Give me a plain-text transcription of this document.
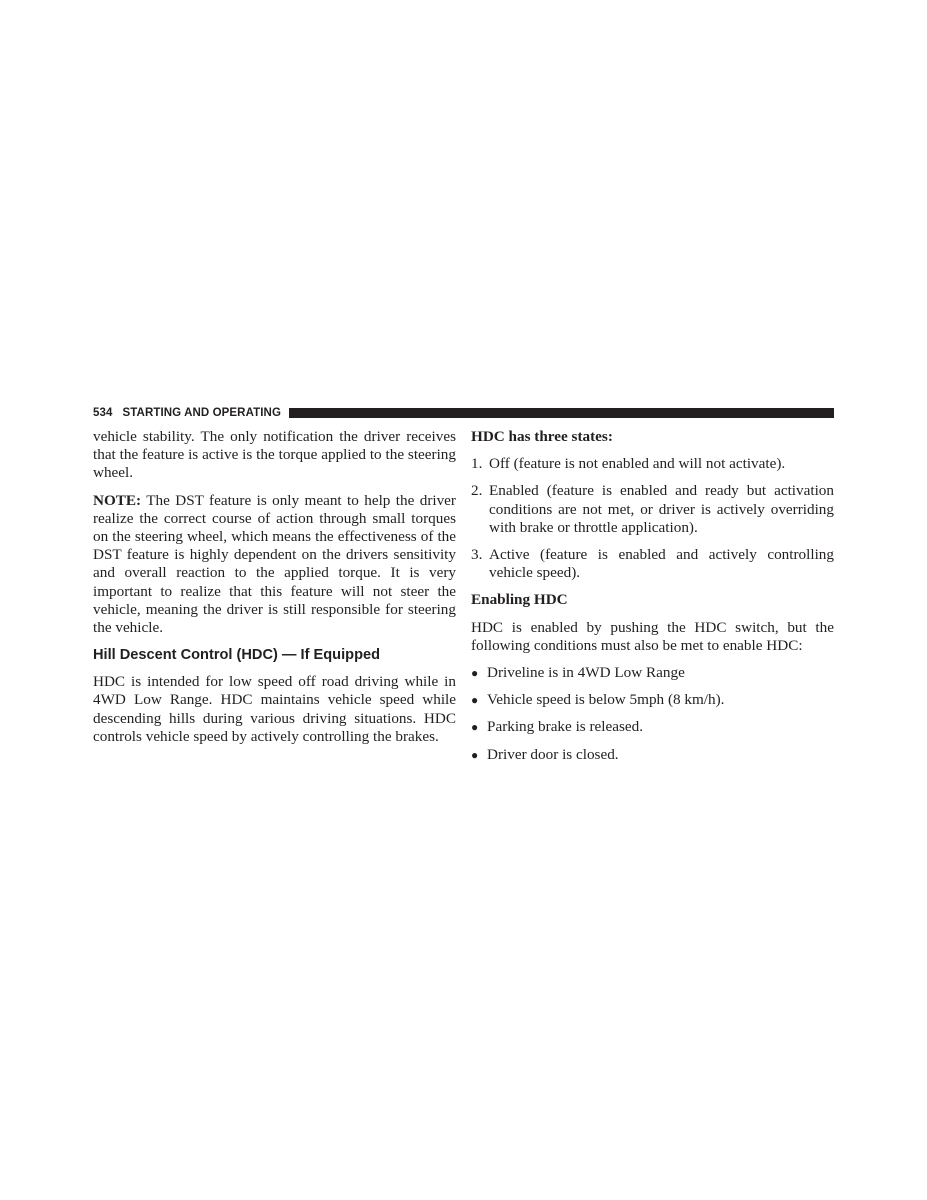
534 STARTING AND OPERATING

vehicle stability. The only notification the driver receives that the feature is active is the torque applied to the steering wheel.

NOTE: The DST feature is only meant to help the driver realize the correct course of action through small torques on the steering wheel, which means the effectiveness of the DST feature is highly dependent on the drivers sensitivity and overall reaction to the applied torque. It is very important to realize that this feature will not steer the vehicle, meaning the driver is still responsible for steering the vehicle.

Hill Descent Control (HDC) — If Equipped

HDC is intended for low speed off road driving while in 4WD Low Range. HDC maintains vehicle speed while descending hills during various driving situations. HDC controls vehicle speed by actively controlling the brakes.

HDC has three states:
1. Off (feature is not enabled and will not activate).
2. Enabled (feature is enabled and ready but activation conditions are not met, or driver is actively overriding with brake or throttle application).
3. Active (feature is enabled and actively controlling vehicle speed).
Enabling HDC

HDC is enabled by pushing the HDC switch, but the following conditions must also be met to enable HDC:

● Driveline is in 4WD Low Range
● Vehicle speed is below 5mph (8 km/h).
● Parking brake is released.
● Driver door is closed.
